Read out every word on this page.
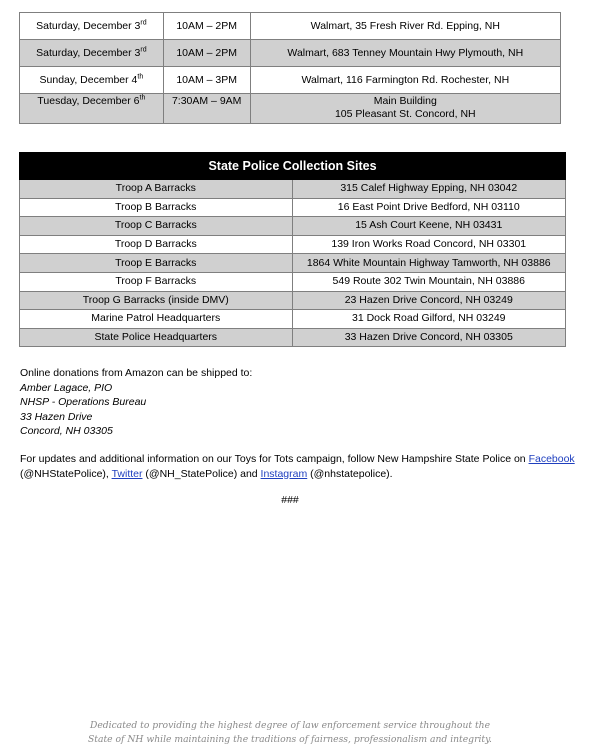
Saturday, December 3rd	10AM – 2PM	Walmart, 35 Fresh River Rd. Epping, NH
Saturday, December 3rd	10AM – 2PM	Walmart, 683 Tenney Mountain Hwy Plymouth, NH
Sunday, December 4th	10AM – 3PM	Walmart, 116 Farmington Rd. Rochester, NH
Tuesday, December 6th	7:30AM – 9AM	Main Building
105 Pleasant St. Concord, NH
State Police Collection Sites	
Troop A Barracks	315 Calef Highway Epping, NH 03042
Troop B Barracks	16 East Point Drive Bedford, NH 03110
Troop C Barracks	15 Ash Court Keene, NH 03431
Troop D Barracks	139 Iron Works Road Concord, NH 03301
Troop E Barracks	1864 White Mountain Highway Tamworth, NH 03886
Troop F Barracks	549 Route 302 Twin Mountain, NH 03886
Troop G Barracks (inside DMV)	23 Hazen Drive Concord, NH 03249
Marine Patrol Headquarters	31 Dock Road Gilford, NH 03249
State Police Headquarters	33 Hazen Drive Concord, NH 03305
Online donations from Amazon can be shipped to:
Amber Lagace, PIO
NHSP - Operations Bureau
33 Hazen Drive
Concord, NH 03305
For updates and additional information on our Toys for Tots campaign, follow New Hampshire State Police on Facebook (@NHStatePolice), Twitter (@NH_StatePolice) and Instagram (@nhstatepolice).
###
Dedicated to providing the highest degree of law enforcement service throughout the
State of NH while maintaining the traditions of fairness, professionalism and integrity.
